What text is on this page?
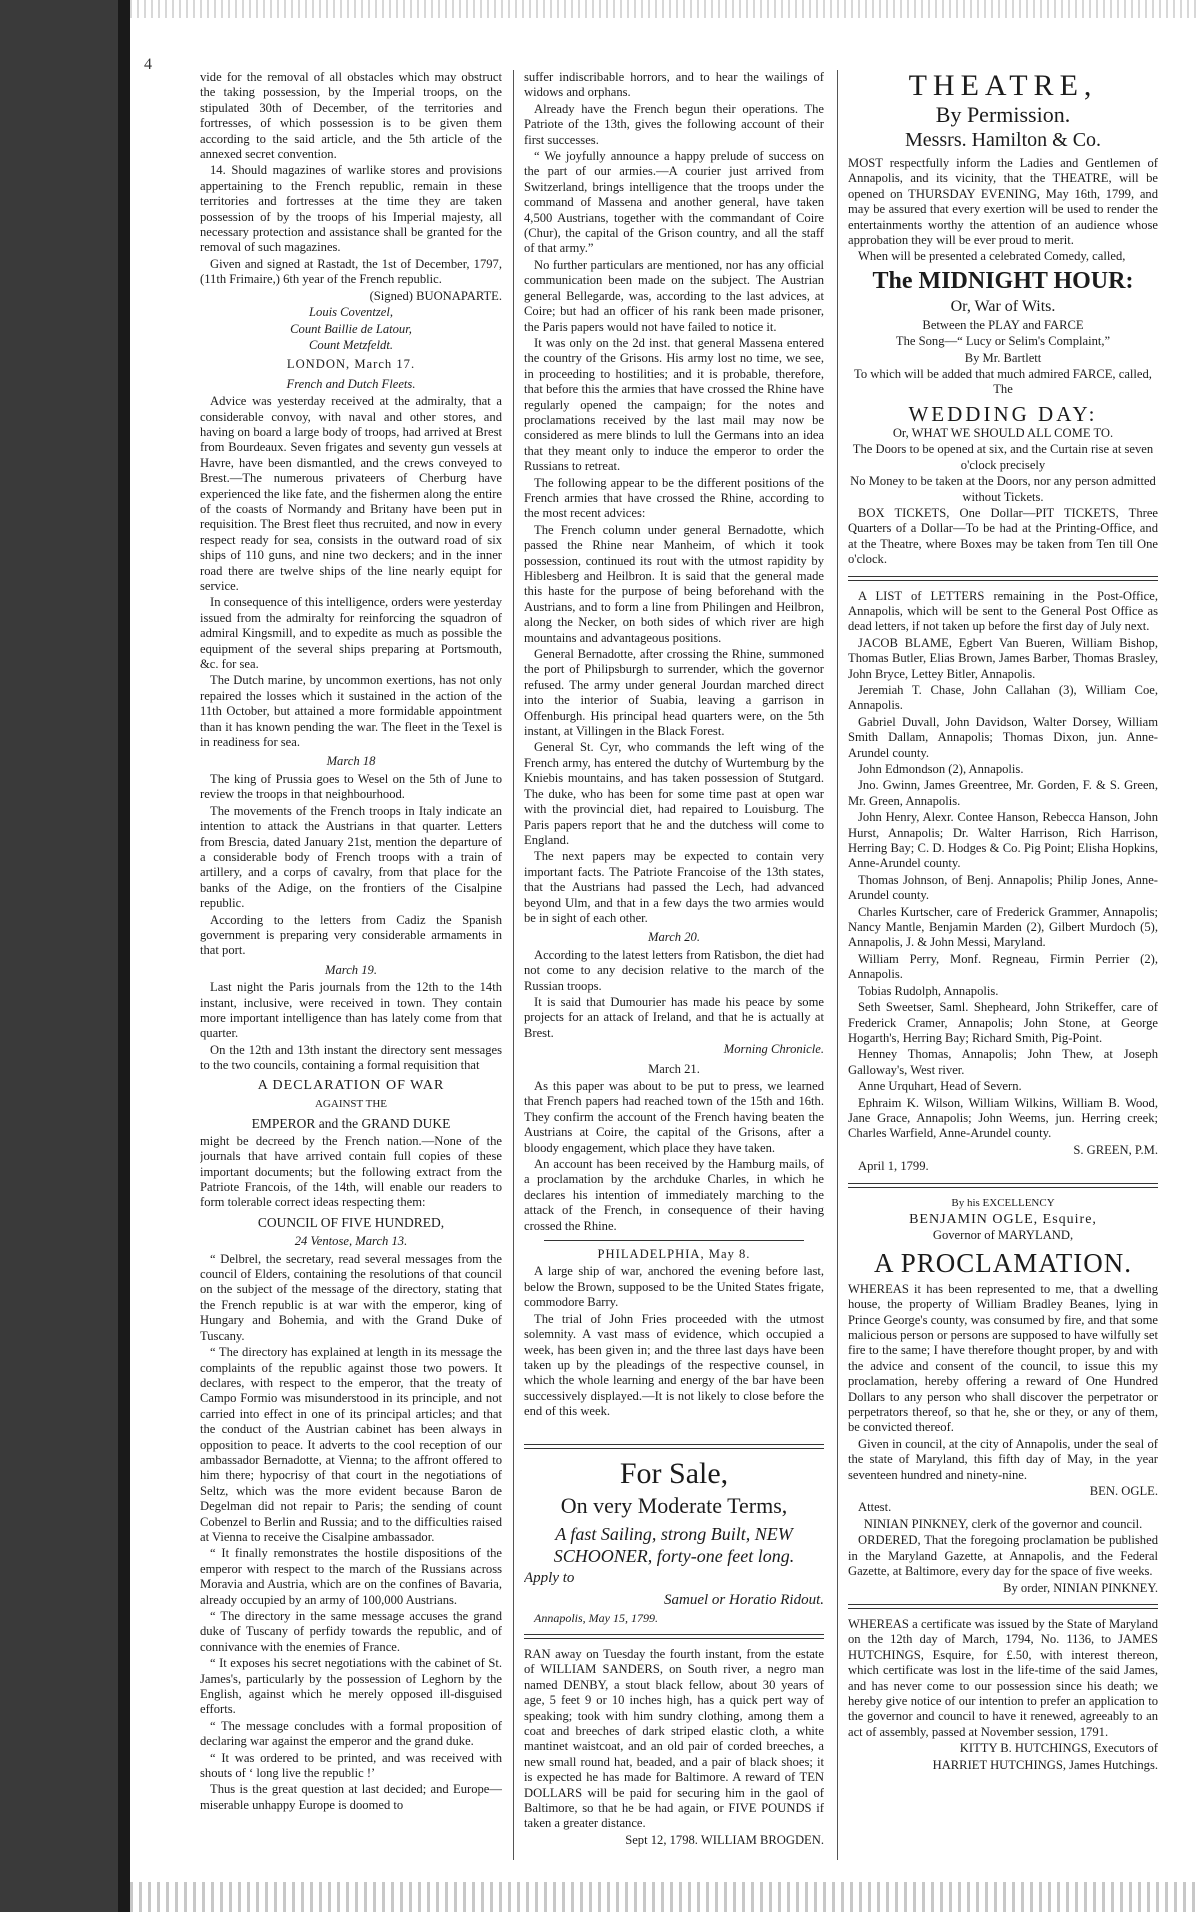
4

vide for the removal of all obstacles which may obstruct the taking possession, by the Imperial troops, on the stipulated 30th of December, of the territories and fortresses, of which possession is to be given them according to the said article, and the 5th article of the annexed secret convention.

14. Should magazines of warlike stores and provisions appertaining to the French republic, remain in these territories and fortresses at the time they are taken possession of by the troops of his Imperial majesty, all necessary protection and assistance shall be granted for the removal of such magazines.

Given and signed at Rastadt, the 1st of December, 1797, (11th Frimaire,) 6th year of the French republic.

(Signed) BUONAPARTE.

Louis Coventzel,

Count Baillie de Latour,

Count Metzfeldt.

LONDON, March 17.

French and Dutch Fleets.

Advice was yesterday received at the admiralty, that a considerable convoy, with naval and other stores, and having on board a large body of troops, had arrived at Brest from Bourdeaux. Seven frigates and seventy gun vessels at Havre, have been dismantled, and the crews conveyed to Brest.—The numerous privateers of Cherburg have experienced the like fate, and the fishermen along the entire of the coasts of Normandy and Britany have been put in requisition. The Brest fleet thus recruited, and now in every respect ready for sea, consists in the outward road of six ships of 110 guns, and nine two deckers; and in the inner road there are twelve ships of the line nearly equipt for service.

In consequence of this intelligence, orders were yesterday issued from the admiralty for reinforcing the squadron of admiral Kingsmill, and to expedite as much as possible the equipment of the several ships preparing at Portsmouth, &c. for sea.

The Dutch marine, by uncommon exertions, has not only repaired the losses which it sustained in the action of the 11th October, but attained a more formidable appointment than it has known pending the war. The fleet in the Texel is in readiness for sea.

March 18

The king of Prussia goes to Wesel on the 5th of June to review the troops in that neighbourhood.

The movements of the French troops in Italy indicate an intention to attack the Austrians in that quarter. Letters from Brescia, dated January 21st, mention the departure of a considerable body of French troops with a train of artillery, and a corps of cavalry, from that place for the banks of the Adige, on the frontiers of the Cisalpine republic.

According to the letters from Cadiz the Spanish government is preparing very considerable armaments in that port.

March 19.

Last night the Paris journals from the 12th to the 14th instant, inclusive, were received in town. They contain more important intelligence than has lately come from that quarter.

On the 12th and 13th instant the directory sent messages to the two councils, containing a formal requisition that

A DECLARATION OF WAR

AGAINST THE

EMPEROR and the GRAND DUKE

might be decreed by the French nation.—None of the journals that have arrived contain full copies of these important documents; but the following extract from the Patriote Francois, of the 14th, will enable our readers to form tolerable correct ideas respecting them:

COUNCIL OF FIVE HUNDRED,

24 Ventose, March 13.

“ Delbrel, the secretary, read several messages from the council of Elders, containing the resolutions of that council on the subject of the message of the directory, stating that the French republic is at war with the emperor, king of Hungary and Bohemia, and with the Grand Duke of Tuscany.

“ The directory has explained at length in its message the complaints of the republic against those two powers. It declares, with respect to the emperor, that the treaty of Campo Formio was misunderstood in its principle, and not carried into effect in one of its principal articles; and that the conduct of the Austrian cabinet has been always in opposition to peace. It adverts to the cool reception of our ambassador Bernadotte, at Vienna; to the affront offered to him there; hypocrisy of that court in the negotiations of Seltz, which was the more evident because Baron de Degelman did not repair to Paris; the sending of count Cobenzel to Berlin and Russia; and to the difficulties raised at Vienna to receive the Cisalpine ambassador.

“ It finally remonstrates the hostile dispositions of the emperor with respect to the march of the Russians across Moravia and Austria, which are on the confines of Bavaria, already occupied by an army of 100,000 Austrians.

“ The directory in the same message accuses the grand duke of Tuscany of perfidy towards the republic, and of connivance with the enemies of France.

“ It exposes his secret negotiations with the cabinet of St. James's, particularly by the possession of Leghorn by the English, against which he merely opposed ill-disguised efforts.

“ The message concludes with a formal proposition of declaring war against the emperor and the grand duke.

“ It was ordered to be printed, and was received with shouts of ‘ long live the republic !’

Thus is the great question at last decided; and Europe—miserable unhappy Europe is doomed to

suffer indiscribable horrors, and to hear the wailings of widows and orphans.

Already have the French begun their operations. The Patriote of the 13th, gives the following account of their first successes.

“ We joyfully announce a happy prelude of success on the part of our armies.—A courier just arrived from Switzerland, brings intelligence that the troops under the command of Massena and another general, have taken 4,500 Austrians, together with the commandant of Coire (Chur), the capital of the Grison country, and all the staff of that army.”

No further particulars are mentioned, nor has any official communication been made on the subject. The Austrian general Bellegarde, was, according to the last advices, at Coire; but had an officer of his rank been made prisoner, the Paris papers would not have failed to notice it.

It was only on the 2d inst. that general Massena entered the country of the Grisons. His army lost no time, we see, in proceeding to hostilities; and it is probable, therefore, that before this the armies that have crossed the Rhine have regularly opened the campaign; for the notes and proclamations received by the last mail may now be considered as mere blinds to lull the Germans into an idea that they meant only to induce the emperor to order the Russians to retreat.

The following appear to be the different positions of the French armies that have crossed the Rhine, according to the most recent advices:

The French column under general Bernadotte, which passed the Rhine near Manheim, of which it took possession, continued its rout with the utmost rapidity by Hiblesberg and Heilbron. It is said that the general made this haste for the purpose of being beforehand with the Austrians, and to form a line from Philingen and Heilbron, along the Necker, on both sides of which river are high mountains and advantageous positions.

General Bernadotte, after crossing the Rhine, summoned the port of Philipsburgh to surrender, which the governor refused. The army under general Jourdan marched direct into the interior of Suabia, leaving a garrison in Offenburgh. His principal head quarters were, on the 5th instant, at Villingen in the Black Forest.

General St. Cyr, who commands the left wing of the French army, has entered the dutchy of Wurtemburg by the Kniebis mountains, and has taken possession of Stutgard. The duke, who has been for some time past at open war with the provincial diet, had repaired to Louisburg. The Paris papers report that he and the dutchess will come to England.

The next papers may be expected to contain very important facts. The Patriote Francoise of the 13th states, that the Austrians had passed the Lech, had advanced beyond Ulm, and that in a few days the two armies would be in sight of each other.

March 20.

According to the latest letters from Ratisbon, the diet had not come to any decision relative to the march of the Russian troops.

It is said that Dumourier has made his peace by some projects for an attack of Ireland, and that he is actually at Brest.

Morning Chronicle.

March 21.

As this paper was about to be put to press, we learned that French papers had reached town of the 15th and 16th. They confirm the account of the French having beaten the Austrians at Coire, the capital of the Grisons, after a bloody engagement, which place they have taken.

An account has been received by the Hamburg mails, of a proclamation by the archduke Charles, in which he declares his intention of immediately marching to the attack of the French, in consequence of their having crossed the Rhine.

PHILADELPHIA, May 8.

A large ship of war, anchored the evening before last, below the Brown, supposed to be the United States frigate, commodore Barry.

The trial of John Fries proceeded with the utmost solemnity. A vast mass of evidence, which occupied a week, has been given in; and the three last days have been taken up by the pleadings of the respective counsel, in which the whole learning and energy of the bar have been successively displayed.—It is not likely to close before the end of this week.

For Sale,
On very Moderate Terms,
A fast Sailing, strong Built, NEW
SCHOONER, forty-one feet long.
Apply to
Samuel or Horatio Ridout.

Annapolis, May 15, 1799.

RAN away on Tuesday the fourth instant, from the estate of WILLIAM SANDERS, on South river, a negro man named DENBY, a stout black fellow, about 30 years of age, 5 feet 9 or 10 inches high, has a quick pert way of speaking; took with him sundry clothing, among them a coat and breeches of dark striped elastic cloth, a white mantinet waistcoat, and an old pair of corded breeches, a new small round hat, beaded, and a pair of black shoes; it is expected he has made for Baltimore. A reward of TEN DOLLARS will be paid for securing him in the gaol of Baltimore, so that he be had again, or FIVE POUNDS if taken a greater distance.

Sept 12, 1798. WILLIAM BROGDEN.

THEATRE,
By Permission.
Messrs. Hamilton & Co.

MOST respectfully inform the Ladies and Gentlemen of Annapolis, and its vicinity, that the THEATRE, will be opened on THURSDAY EVENING, May 16th, 1799, and may be assured that every exertion will be used to render the entertainments worthy the attention of an audience whose approbation they will be ever proud to merit.

When will be presented a celebrated Comedy, called,

The MIDNIGHT HOUR:

Or, War of Wits.

Between the PLAY and FARCE

The Song—“ Lucy or Selim's Complaint,”

By Mr. Bartlett

To which will be added that much admired FARCE, called, The

WEDDING DAY:

Or, WHAT WE SHOULD ALL COME TO.

The Doors to be opened at six, and the Curtain rise at seven o'clock precisely

No Money to be taken at the Doors, nor any person admitted without Tickets.

BOX TICKETS, One Dollar—PIT TICKETS, Three Quarters of a Dollar—To be had at the Printing-Office, and at the Theatre, where Boxes may be taken from Ten till One o'clock.

A LIST of LETTERS remaining in the Post-Office, Annapolis, which will be sent to the General Post Office as dead letters, if not taken up before the first day of July next.

JACOB BLAME, Egbert Van Bueren, William Bishop, Thomas Butler, Elias Brown, James Barber, Thomas Brasley, John Bryce, Lettey Bitler, Annapolis.

Jeremiah T. Chase, John Callahan (3), William Coe, Annapolis.

Gabriel Duvall, John Davidson, Walter Dorsey, William Smith Dallam, Annapolis; Thomas Dixon, jun. Anne-Arundel county.

John Edmondson (2), Annapolis.

Jno. Gwinn, James Greentree, Mr. Gorden, F. & S. Green, Mr. Green, Annapolis.

John Henry, Alexr. Contee Hanson, Rebecca Hanson, John Hurst, Annapolis; Dr. Walter Harrison, Rich Harrison, Herring Bay; C. D. Hodges & Co. Pig Point; Elisha Hopkins, Anne-Arundel county.

Thomas Johnson, of Benj. Annapolis; Philip Jones, Anne-Arundel county.

Charles Kurtscher, care of Frederick Grammer, Annapolis; Nancy Mantle, Benjamin Marden (2), Gilbert Murdoch (5), Annapolis, J. & John Messi, Maryland.

William Perry, Monf. Regneau, Firmin Perrier (2), Annapolis.

Tobias Rudolph, Annapolis.

Seth Sweetser, Saml. Shepheard, John Strikeffer, care of Frederick Cramer, Annapolis; John Stone, at George Hogarth's, Herring Bay; Richard Smith, Pig-Point.

Henney Thomas, Annapolis; John Thew, at Joseph Galloway's, West river.

Anne Urquhart, Head of Severn.

Ephraim K. Wilson, William Wilkins, William B. Wood, Jane Grace, Annapolis; John Weems, jun. Herring creek; Charles Warfield, Anne-Arundel county.

S. GREEN, P.M.

April 1, 1799.

By his EXCELLENCY

BENJAMIN OGLE, Esquire,

Governor of MARYLAND,

A PROCLAMATION.

WHEREAS it has been represented to me, that a dwelling house, the property of William Bradley Beanes, lying in Prince George's county, was consumed by fire, and that some malicious person or persons are supposed to have wilfully set fire to the same; I have therefore thought proper, by and with the advice and consent of the council, to issue this my proclamation, hereby offering a reward of One Hundred Dollars to any person who shall discover the perpetrator or perpetrators thereof, so that he, she or they, or any of them, be convicted thereof.

Given in council, at the city of Annapolis, under the seal of the state of Maryland, this fifth day of May, in the year seventeen hundred and ninety-nine.

BEN. OGLE.

Attest.

NINIAN PINKNEY, clerk of the governor and council.

ORDERED, That the foregoing proclamation be published in the Maryland Gazette, at Annapolis, and the Federal Gazette, at Baltimore, every day for the space of five weeks.

By order, NINIAN PINKNEY.

WHEREAS a certificate was issued by the State of Maryland on the 12th day of March, 1794, No. 1136, to JAMES HUTCHINGS, Esquire, for £.50, with interest thereon, which certificate was lost in the life-time of the said James, and has never come to our possession since his death; we hereby give notice of our intention to prefer an application to the governor and council to have it renewed, agreeably to an act of assembly, passed at November session, 1791.

KITTY B. HUTCHINGS, Executors of

HARRIET HUTCHINGS, James Hutchings.
